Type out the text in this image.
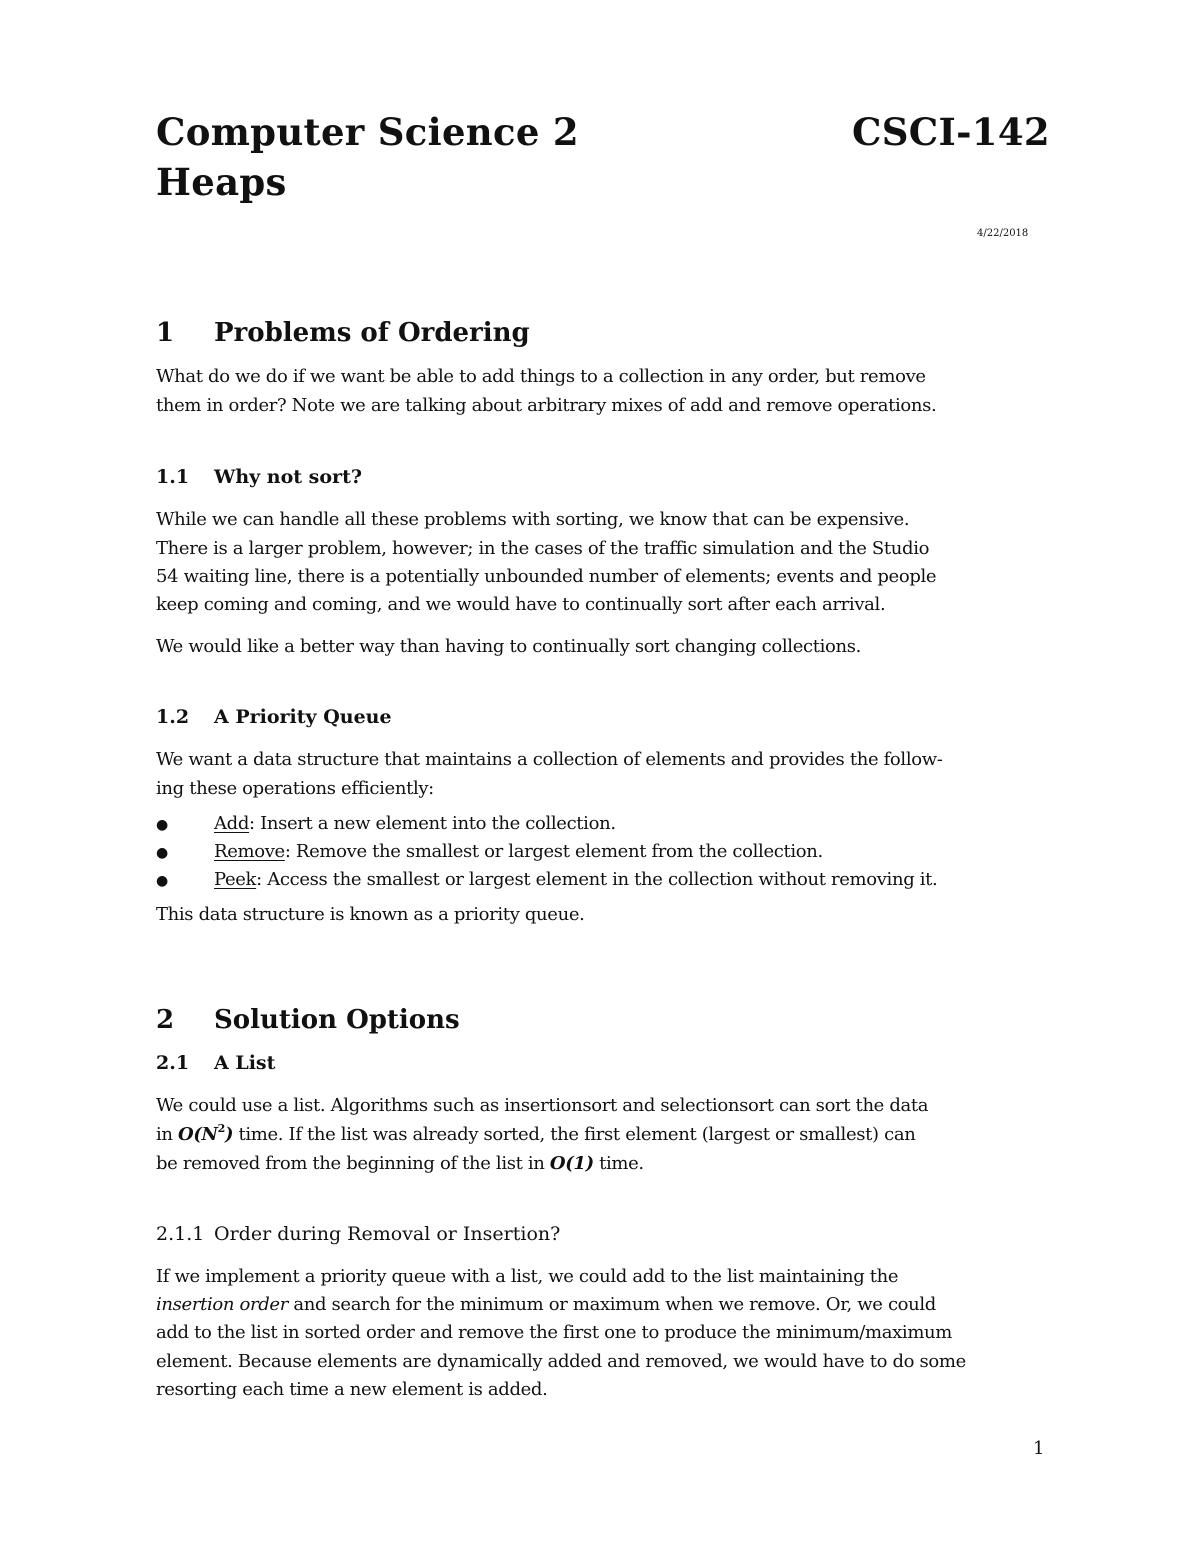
Computer Science 2	CSCI-142
Heaps
4/22/2018
1 Problems of Ordering
What do we do if we want be able to add things to a collection in any order, but remove
them in order? Note we are talking about arbitrary mixes of add and remove operations.
1.1 Why not sort?
While we can handle all these problems with sorting, we know that can be expensive.
There is a larger problem, however; in the cases of the traffic simulation and the Studio
54 waiting line, there is a potentially unbounded number of elements; events and people
keep coming and coming, and we would have to continually sort after each arrival.
We would like a better way than having to continually sort changing collections.
1.2 A Priority Queue
We want a data structure that maintains a collection of elements and provides the follow-
ing these operations efficiently:
●	Add: Insert a new element into the collection.
●	Remove: Remove the smallest or largest element from the collection.
●	Peek: Access the smallest or largest element in the collection without removing it.
This data structure is known as a priority queue.
2 Solution Options
2.1 A List
We could use a list. Algorithms such as insertionsort and selectionsort can sort the data
in $O(N^2)$ time. If the list was already sorted, the first element (largest or smallest) can
be removed from the beginning of the list in O(1) time.
2.1.1 Order during Removal or Insertion?
If we implement a priority queue with a list, we could add to the list maintaining the
insertion order and search for the minimum or maximum when we remove. Or, we could
add to the list in sorted order and remove the first one to produce the minimum/maximum
element. Because elements are dynamically added and removed, we would have to do some
resorting each time a new element is added.
1
